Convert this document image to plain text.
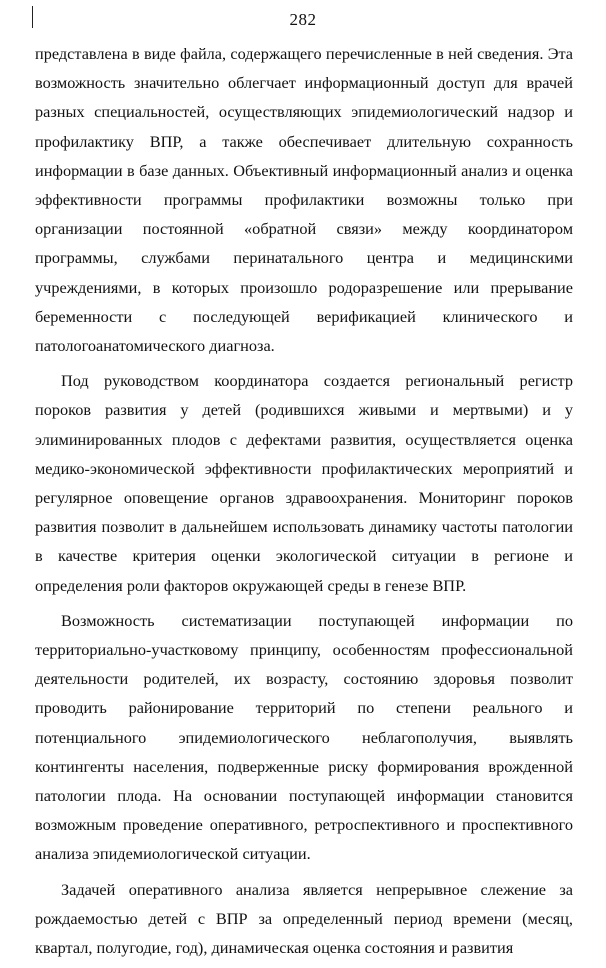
282

представлена в виде файла, содержащего перечисленные в ней сведения. Эта возможность значительно облегчает информационный доступ для врачей разных специальностей, осуществляющих эпидемиологический надзор и профилактику ВПР, а также обеспечивает длительную сохранность информации в базе данных. Объективный информационный анализ и оценка эффективности программы профилактики возможны только при организации постоянной «обратной связи» между координатором программы, службами перинатального центра и медицинскими учреждениями, в которых произошло родоразрешение или прерывание беременности с последующей верификацией клинического и патологоанатомического диагноза.

Под руководством координатора создается региональный регистр пороков развития у детей (родившихся живыми и мертвыми) и у элиминированных плодов с дефектами развития, осуществляется оценка медико-экономической эффективности профилактических мероприятий и регулярное оповещение органов здравоохранения. Мониторинг пороков развития позволит в дальнейшем использовать динамику частоты патологии в качестве критерия оценки экологической ситуации в регионе и определения роли факторов окружающей среды в генезе ВПР.

Возможность систематизации поступающей информации по территориально-участковому принципу, особенностям профессиональной деятельности родителей, их возрасту, состоянию здоровья позволит проводить районирование территорий по степени реального и потенциального эпидемиологического неблагополучия, выявлять контингенты населения, подверженные риску формирования врожденной патологии плода. На основании поступающей информации становится возможным проведение оперативного, ретроспективного и проспективного анализа эпидемиологической ситуации.

Задачей оперативного анализа является непрерывное слежение за рождаемостью детей с ВПР за определенный период времени (месяц, квартал, полугодие, год), динамическая оценка состояния и развития
